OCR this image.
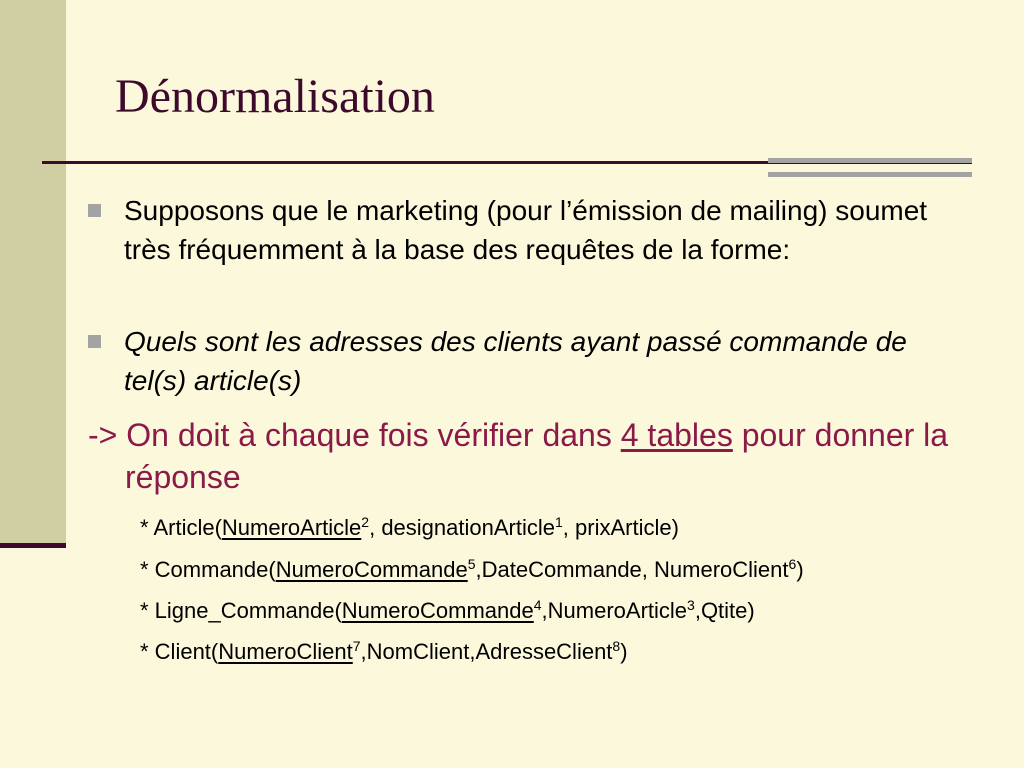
Dénormalisation
Supposons que le marketing (pour l’émission de mailing) soumet très fréquemment à la base des requêtes de la forme:
Quels sont les adresses des clients ayant passé commande de tel(s) article(s)
-> On doit à chaque fois vérifier dans 4 tables pour donner la réponse
* Article(NumeroArticle$^2$, designationArticle$^1$, prixArticle)
* Commande(NumeroCommande$^5$,DateCommande, NumeroClient$^6$)
* Ligne_Commande(NumeroCommande$^4$,NumeroArticle$^3$,Qtite)
* Client(NumeroClient$^7$,NomClient,AdresseClient$^8$)
